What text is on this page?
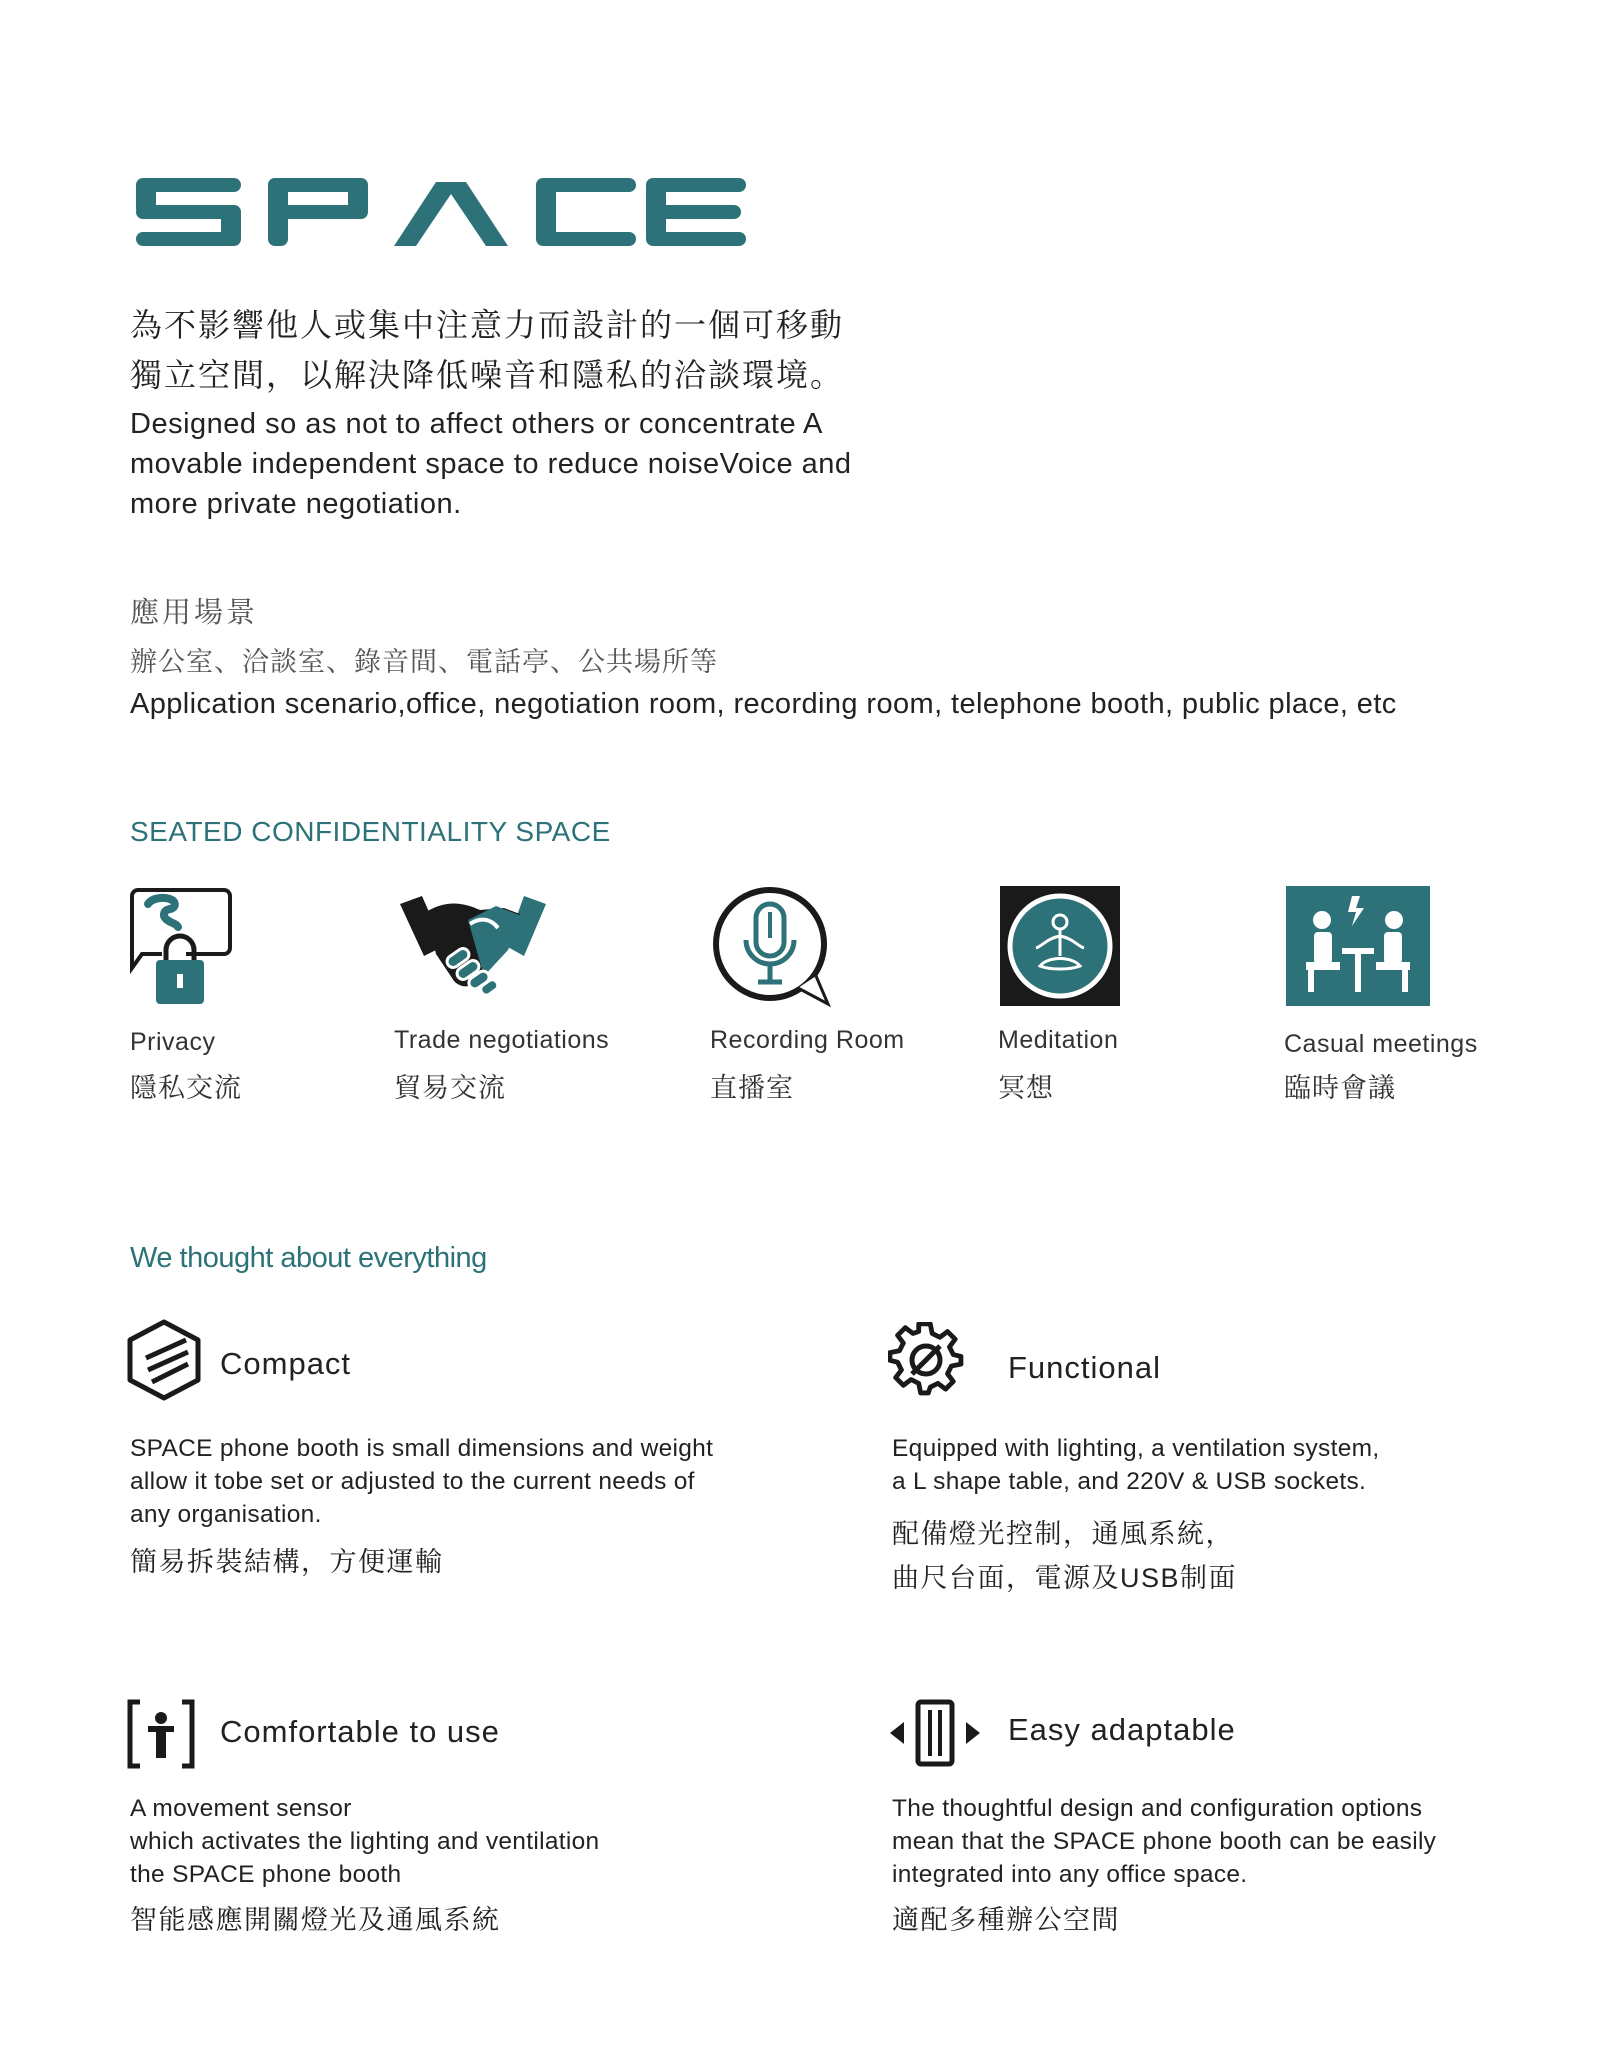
為不影響他人或集中注意力而設計的一個可移動
獨立空間，以解決降低噪音和隱私的洽談環境。
Designed so as not to affect others or concentrate A
movable independent space to reduce noiseVoice and
more private negotiation.
應用場景
辦公室、洽談室、錄音間、電話亭、公共場所等
Application scenario,office, negotiation room, recording room, telephone booth, public place, etc
SEATED CONFIDENTIALITY SPACE
Privacy
隱私交流
Trade negotiations
貿易交流
Recording Room
直播室
Meditation
冥想
Casual meetings
臨時會議
We thought about everything
Compact
SPACE phone booth is small dimensions and weight
allow it tobe set or adjusted to the current needs of
any organisation.
簡易拆裝結構，方便運輸
Functional
Equipped with lighting, a ventilation system,
a L shape table, and 220V & USB sockets.
配備燈光控制，通風系統，
曲尺台面，電源及USB制面
Comfortable to use
A movement sensor
which activates the lighting and ventilation
the SPACE phone booth
智能感應開關燈光及通風系統
Easy adaptable
The thoughtful design and configuration options
mean that the SPACE phone booth can be easily
integrated into any office space.
適配多種辦公空間
